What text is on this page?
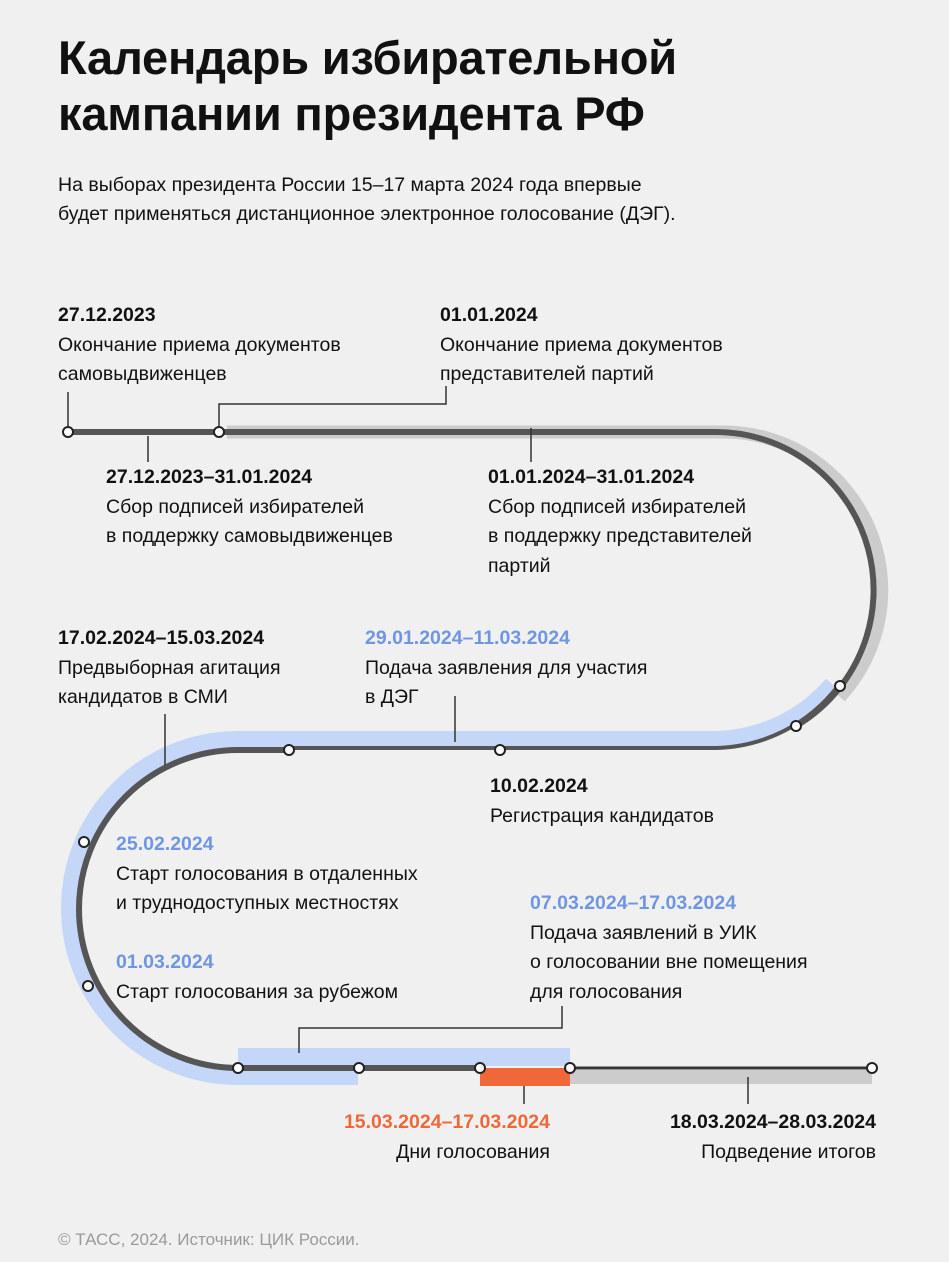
Календарь избирательной
кампании президента РФ

На выборах президента России 15–17 марта 2024 года впервые
будет применяться дистанционное электронное голосование (ДЭГ).

27.12.2023
Окончание приема документов
самовыдвиженцев
01.01.2024
Окончание приема документов
представителей партий
27.12.2023–31.01.2024
Сбор подписей избирателей
в поддержку самовыдвиженцев
01.01.2024–31.01.2024
Сбор подписей избирателей
в поддержку представителей
партий
17.02.2024–15.03.2024
Предвыборная агитация
кандидатов в СМИ
29.01.2024–11.03.2024
Подача заявления для участия
в ДЭГ
10.02.2024
Регистрация кандидатов
25.02.2024
Старт голосования в отдаленных
и труднодоступных местностях	07.03.2024–17.03.2024
Подача заявлений в УИК
о голосовании вне помещения
для голосования
01.03.2024
Старт голосования за рубежом
15.03.2024–17.03.2024
Дни голосования
18.03.2024–28.03.2024
Подведение итогов
© ТАСС, 2024. Источник: ЦИК России.
